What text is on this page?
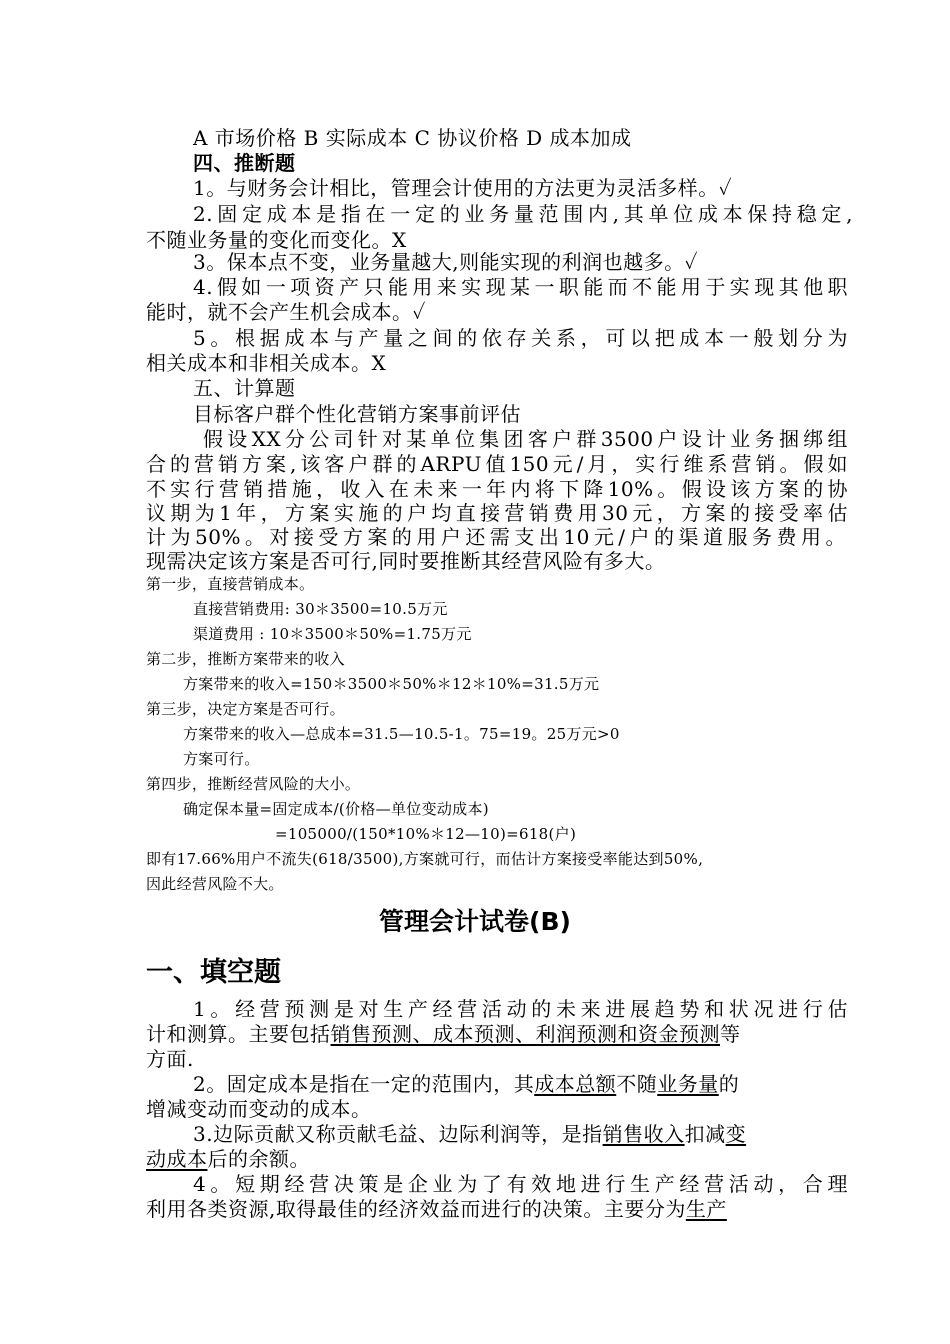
A 市场价格 B 实际成本 C 协议价格 D 成本加成
四、推断题
1。与财务会计相比，管理会计使用的方法更为灵活多样。✓
2.固定成本是指在一定的业务量范围内,其单位成本保持稳定,
不随业务量的变化而变化。X
3。保本点不变，业务量越大,则能实现的利润也越多。✓
4.假如一项资产只能用来实现某一职能而不能用于实现其他职
能时，就不会产生机会成本。✓
5。根据成本与产量之间的依存关系，可以把成本一般划分为
相关成本和非相关成本。X
五、计算题
目标客户群个性化营销方案事前评估
假设XX分公司针对某单位集团客户群3500户设计业务捆绑组
合的营销方案,该客户群的ARPU值150元/月，实行维系营销。假如
不实行营销措施，收入在未来一年内将下降10%。假设该方案的协
议期为1年，方案实施的户均直接营销费用30元，方案的接受率估
计为50%。对接受方案的用户还需支出10元/户的渠道服务费用。
现需决定该方案是否可行,同时要推断其经营风险有多大。
第一步，直接营销成本。
直接营销费用: 30＊3500=10.5万元
渠道费用 : 10＊3500＊50%=1.75万元
第二步，推断方案带来的收入
方案带来的收入=150＊3500＊50%＊12＊10%=31.5万元
第三步，决定方案是否可行。
方案带来的收入—总成本=31.5—10.5-1。75=19。25万元>0
方案可行。
第四步，推断经营风险的大小。
确定保本量=固定成本/(价格—单位变动成本)
=105000/(150*10%＊12—10)=618(户)
即有17.66%用户不流失(618/3500),方案就可行，而估计方案接受率能达到50%,
因此经营风险不大。
管理会计试卷(B)
一、填空题
1。经营预测是对生产经营活动的未来进展趋势和状况进行估
计和测算。主要包括销售预测、成本预测、利润预测和资金预测等
方面.
2。固定成本是指在一定的范围内，其成本总额不随业务量的
增减变动而变动的成本。
3.边际贡献又称贡献毛益、边际利润等，是指销售收入扣减变
动成本后的余额。
4。短期经营决策是企业为了有效地进行生产经营活动，合理
利用各类资源,取得最佳的经济效益而进行的决策。主要分为生产
